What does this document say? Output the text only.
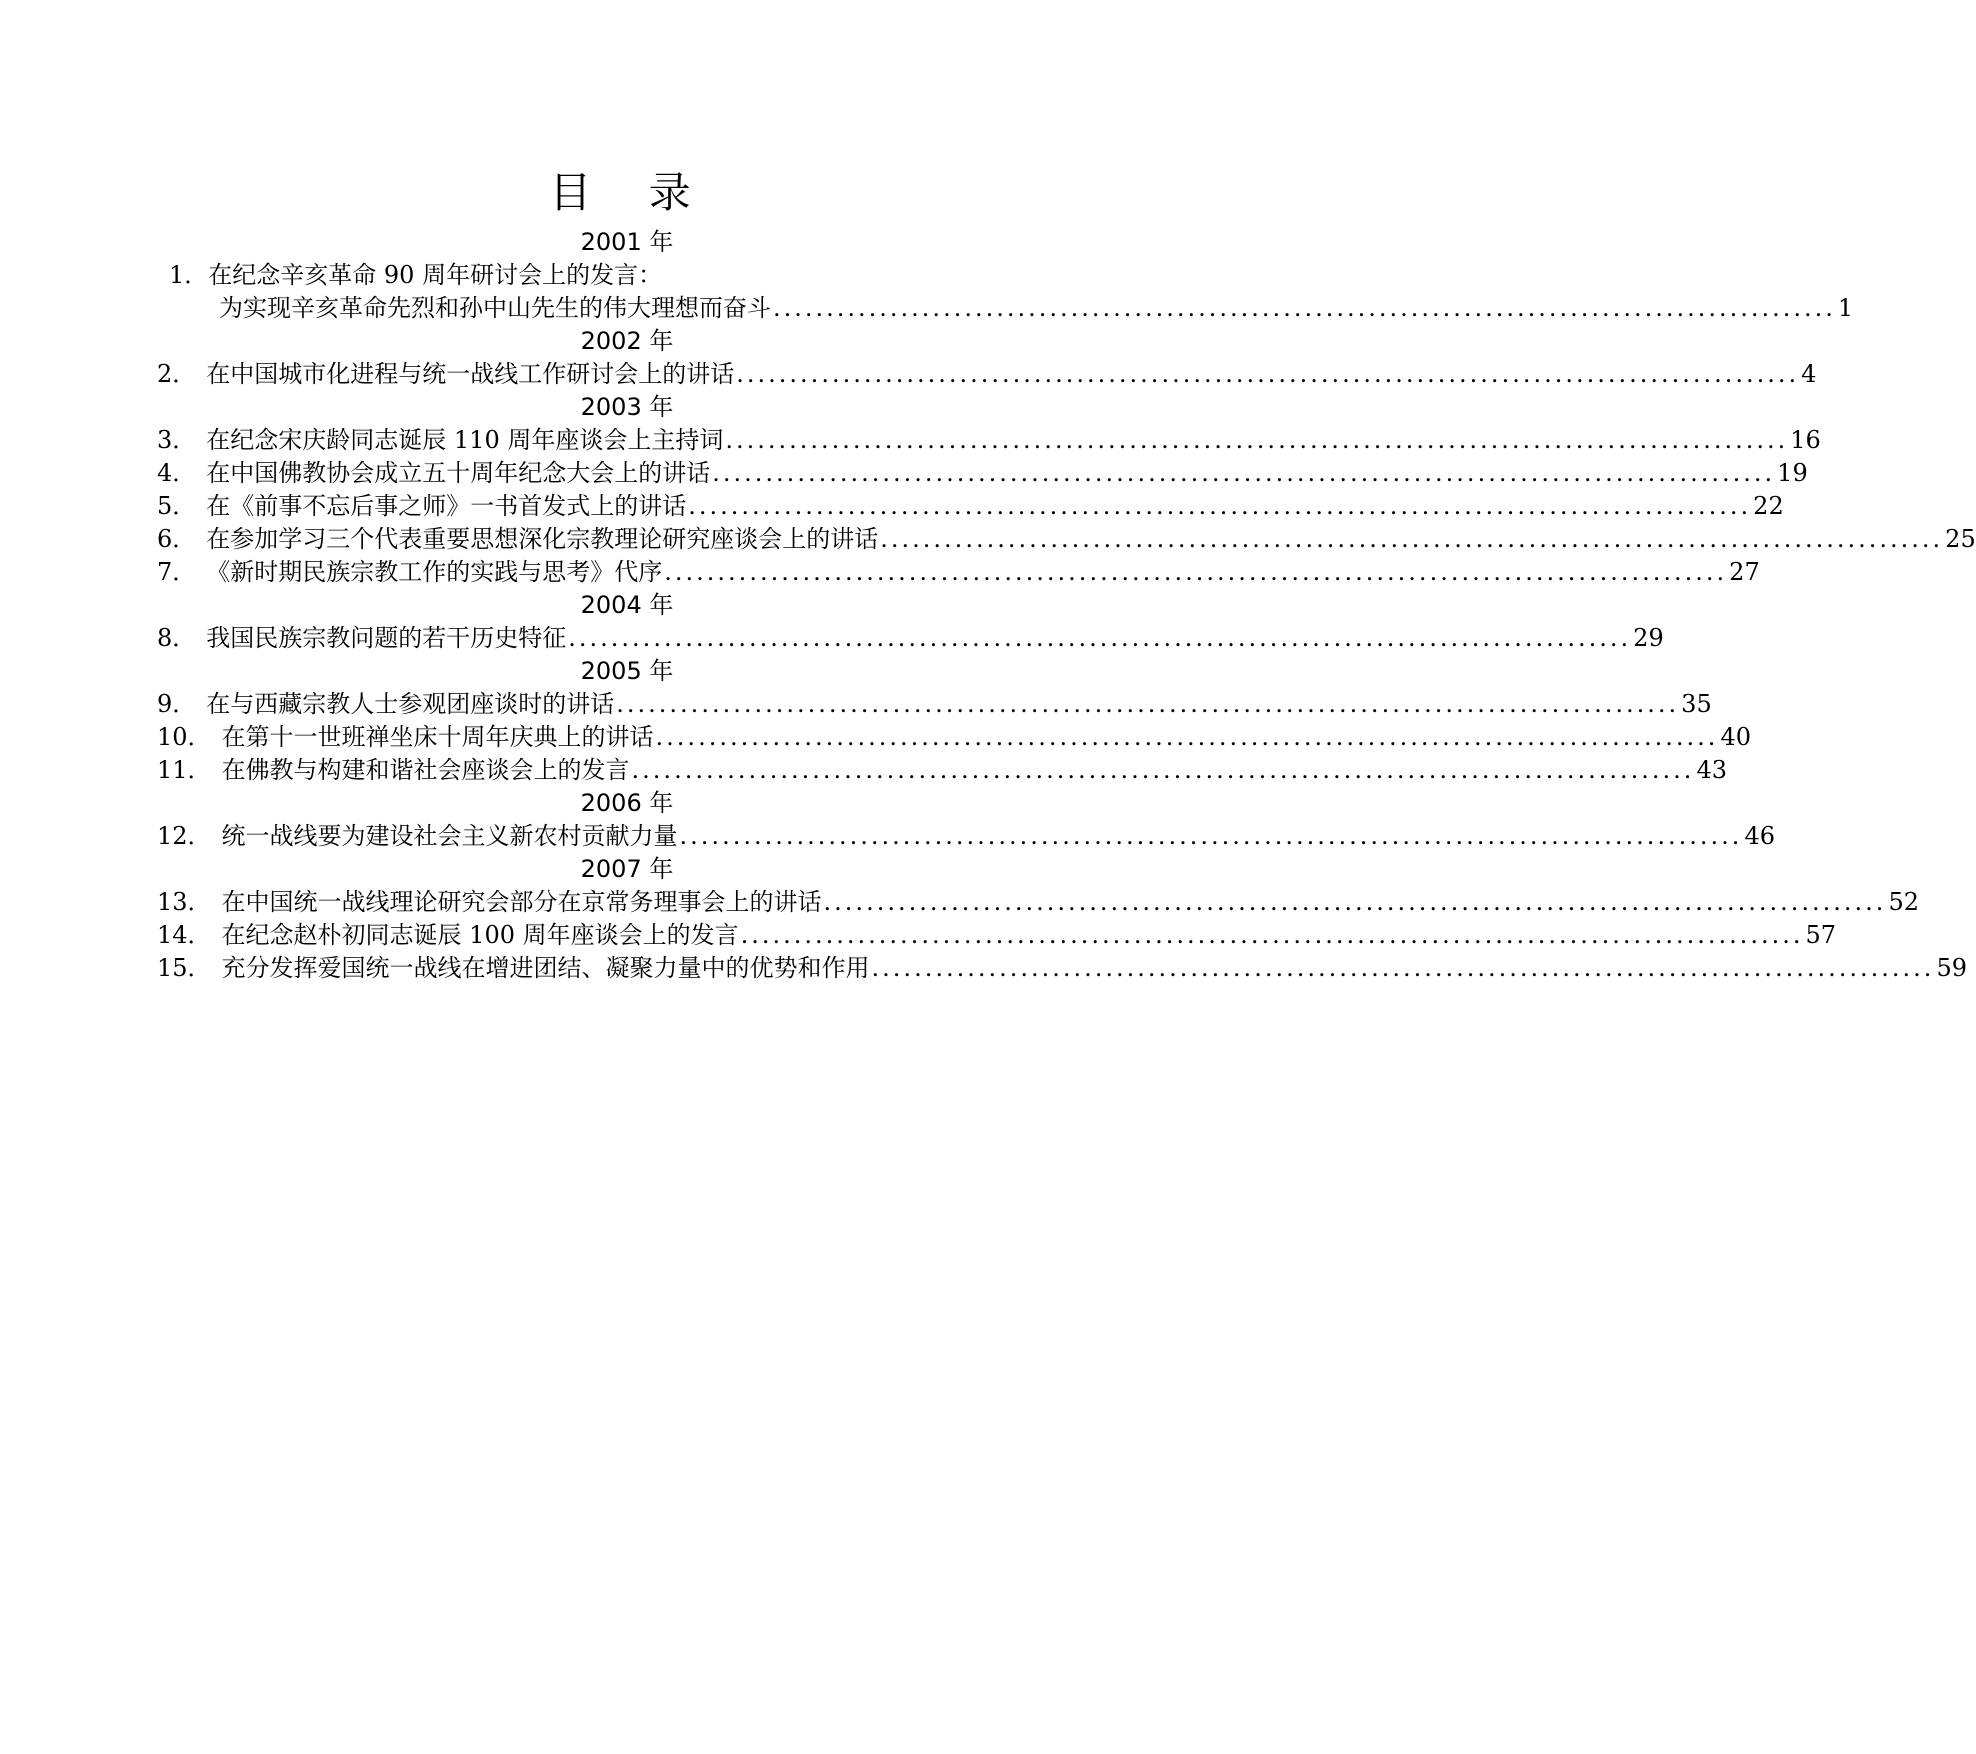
目 录
2001 年
1．在纪念辛亥革命 90 周年研讨会上的发言：
为实现辛亥革命先烈和孙中山先生的伟大理想而奋斗 .................................................................................................... 1
2002 年
2． 在中国城市化进程与统一战线工作研讨会上的讲话 .................................................................................................... 4
2003 年
3． 在纪念宋庆龄同志诞辰 110 周年座谈会上主持词 .................................................................................................... 16
4． 在中国佛教协会成立五十周年纪念大会上的讲话 .................................................................................................... 19
5． 在《前事不忘后事之师》一书首发式上的讲话 .................................................................................................... 22
6． 在参加学习三个代表重要思想深化宗教理论研究座谈会上的讲话 .................................................................................................... 25
7． 《新时期民族宗教工作的实践与思考》代序 .................................................................................................... 27
2004 年
8． 我国民族宗教问题的若干历史特征 .................................................................................................... 29
2005 年
9． 在与西藏宗教人士参观团座谈时的讲话 .................................................................................................... 35
10． 在第十一世班禅坐床十周年庆典上的讲话 .................................................................................................... 40
11． 在佛教与构建和谐社会座谈会上的发言 .................................................................................................... 43
2006 年
12． 统一战线要为建设社会主义新农村贡献力量 .................................................................................................... 46
2007 年
13． 在中国统一战线理论研究会部分在京常务理事会上的讲话 .................................................................................................... 52
14． 在纪念赵朴初同志诞辰 100 周年座谈会上的发言 .................................................................................................... 57
15． 充分发挥爱国统一战线在增进团结、凝聚力量中的优势和作用 .................................................................................................... 59
